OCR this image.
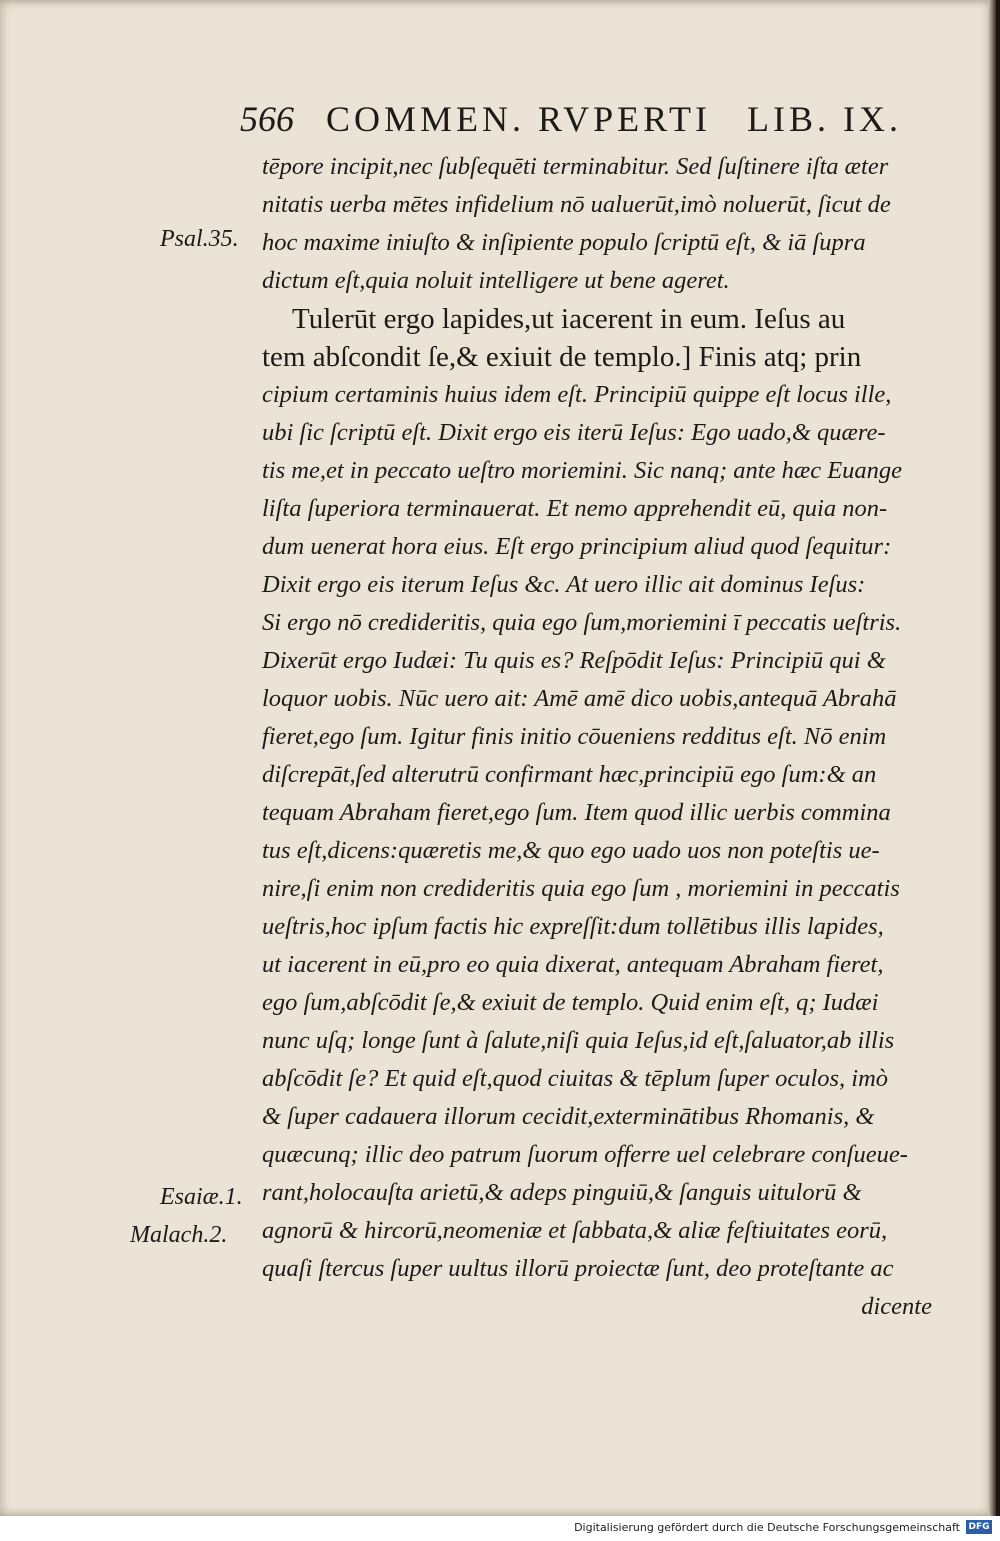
566 COMMEN. RVPERTI LIB. IX.
Psal.35.
Esaiæ.1.
Malach.2.
tēpore incipit,nec ſubſequēti terminabitur. Sed ſuſtinere iſta æter
nitatis uerba mētes infidelium nō ualuerūt,imò noluerūt, ſicut de
hoc maxime iniuſto & inſipiente populo ſcriptū eſt, & iā ſupra
dictum eſt,quia noluit intelligere ut bene ageret.
Tulerūt ergo lapides,ut iacerent in eum. Ieſus au
tem abſcondit ſe,& exiuit de templo.] Finis atq; prin
cipium certaminis huius idem eſt. Principiū quippe eſt locus ille,
ubi ſic ſcriptū eſt. Dixit ergo eis iterū Ieſus: Ego uado,& quære-
tis me,et in peccato ueſtro moriemini. Sic nanq; ante hæc Euange
liſta ſuperiora terminauerat. Et nemo apprehendit eū, quia non-
dum uenerat hora eius. Eſt ergo principium aliud quod ſequitur:
Dixit ergo eis iterum Ieſus &c. At uero illic ait dominus Ieſus:
Si ergo nō credideritis, quia ego ſum,moriemini ī peccatis ueſtris.
Dixerūt ergo Iudæi: Tu quis es? Reſpōdit Ieſus: Principiū qui &
loquor uobis. Nūc uero ait: Amē amē dico uobis,antequā Abrahā
fieret,ego ſum. Igitur finis initio cōueniens redditus eſt. Nō enim
diſcrepāt,ſed alterutrū confirmant hæc,principiū ego ſum:& an
tequam Abraham fieret,ego ſum. Item quod illic uerbis commina
tus eſt,dicens:quæretis me,& quo ego uado uos non poteſtis ue-
nire,ſi enim non credideritis quia ego ſum , moriemini in peccatis
ueſtris,hoc ipſum factis hic expreſſit:dum tollētibus illis lapides,
ut iacerent in eū,pro eo quia dixerat, antequam Abraham fieret,
ego ſum,abſcōdit ſe,& exiuit de templo. Quid enim eſt, q; Iudæi
nunc uſq; longe ſunt à ſalute,niſi quia Ieſus,id eſt,ſaluator,ab illis
abſcōdit ſe? Et quid eſt,quod ciuitas & tēplum ſuper oculos, imò
& ſuper cadauera illorum cecidit,exterminātibus Rhomanis, &
quæcunq; illic deo patrum ſuorum offerre uel celebrare conſueue-
rant,holocauſta arietū,& adeps pinguiū,& ſanguis uitulorū &
agnorū & hircorū,neomeniæ et ſabbata,& aliæ feſtiuitates eorū,
quaſi ſtercus ſuper uultus illorū proiectæ ſunt, deo proteſtante ac
dicente
Digitalisierung gefördert durch die Deutsche Forschungsgemeinschaft DFG
